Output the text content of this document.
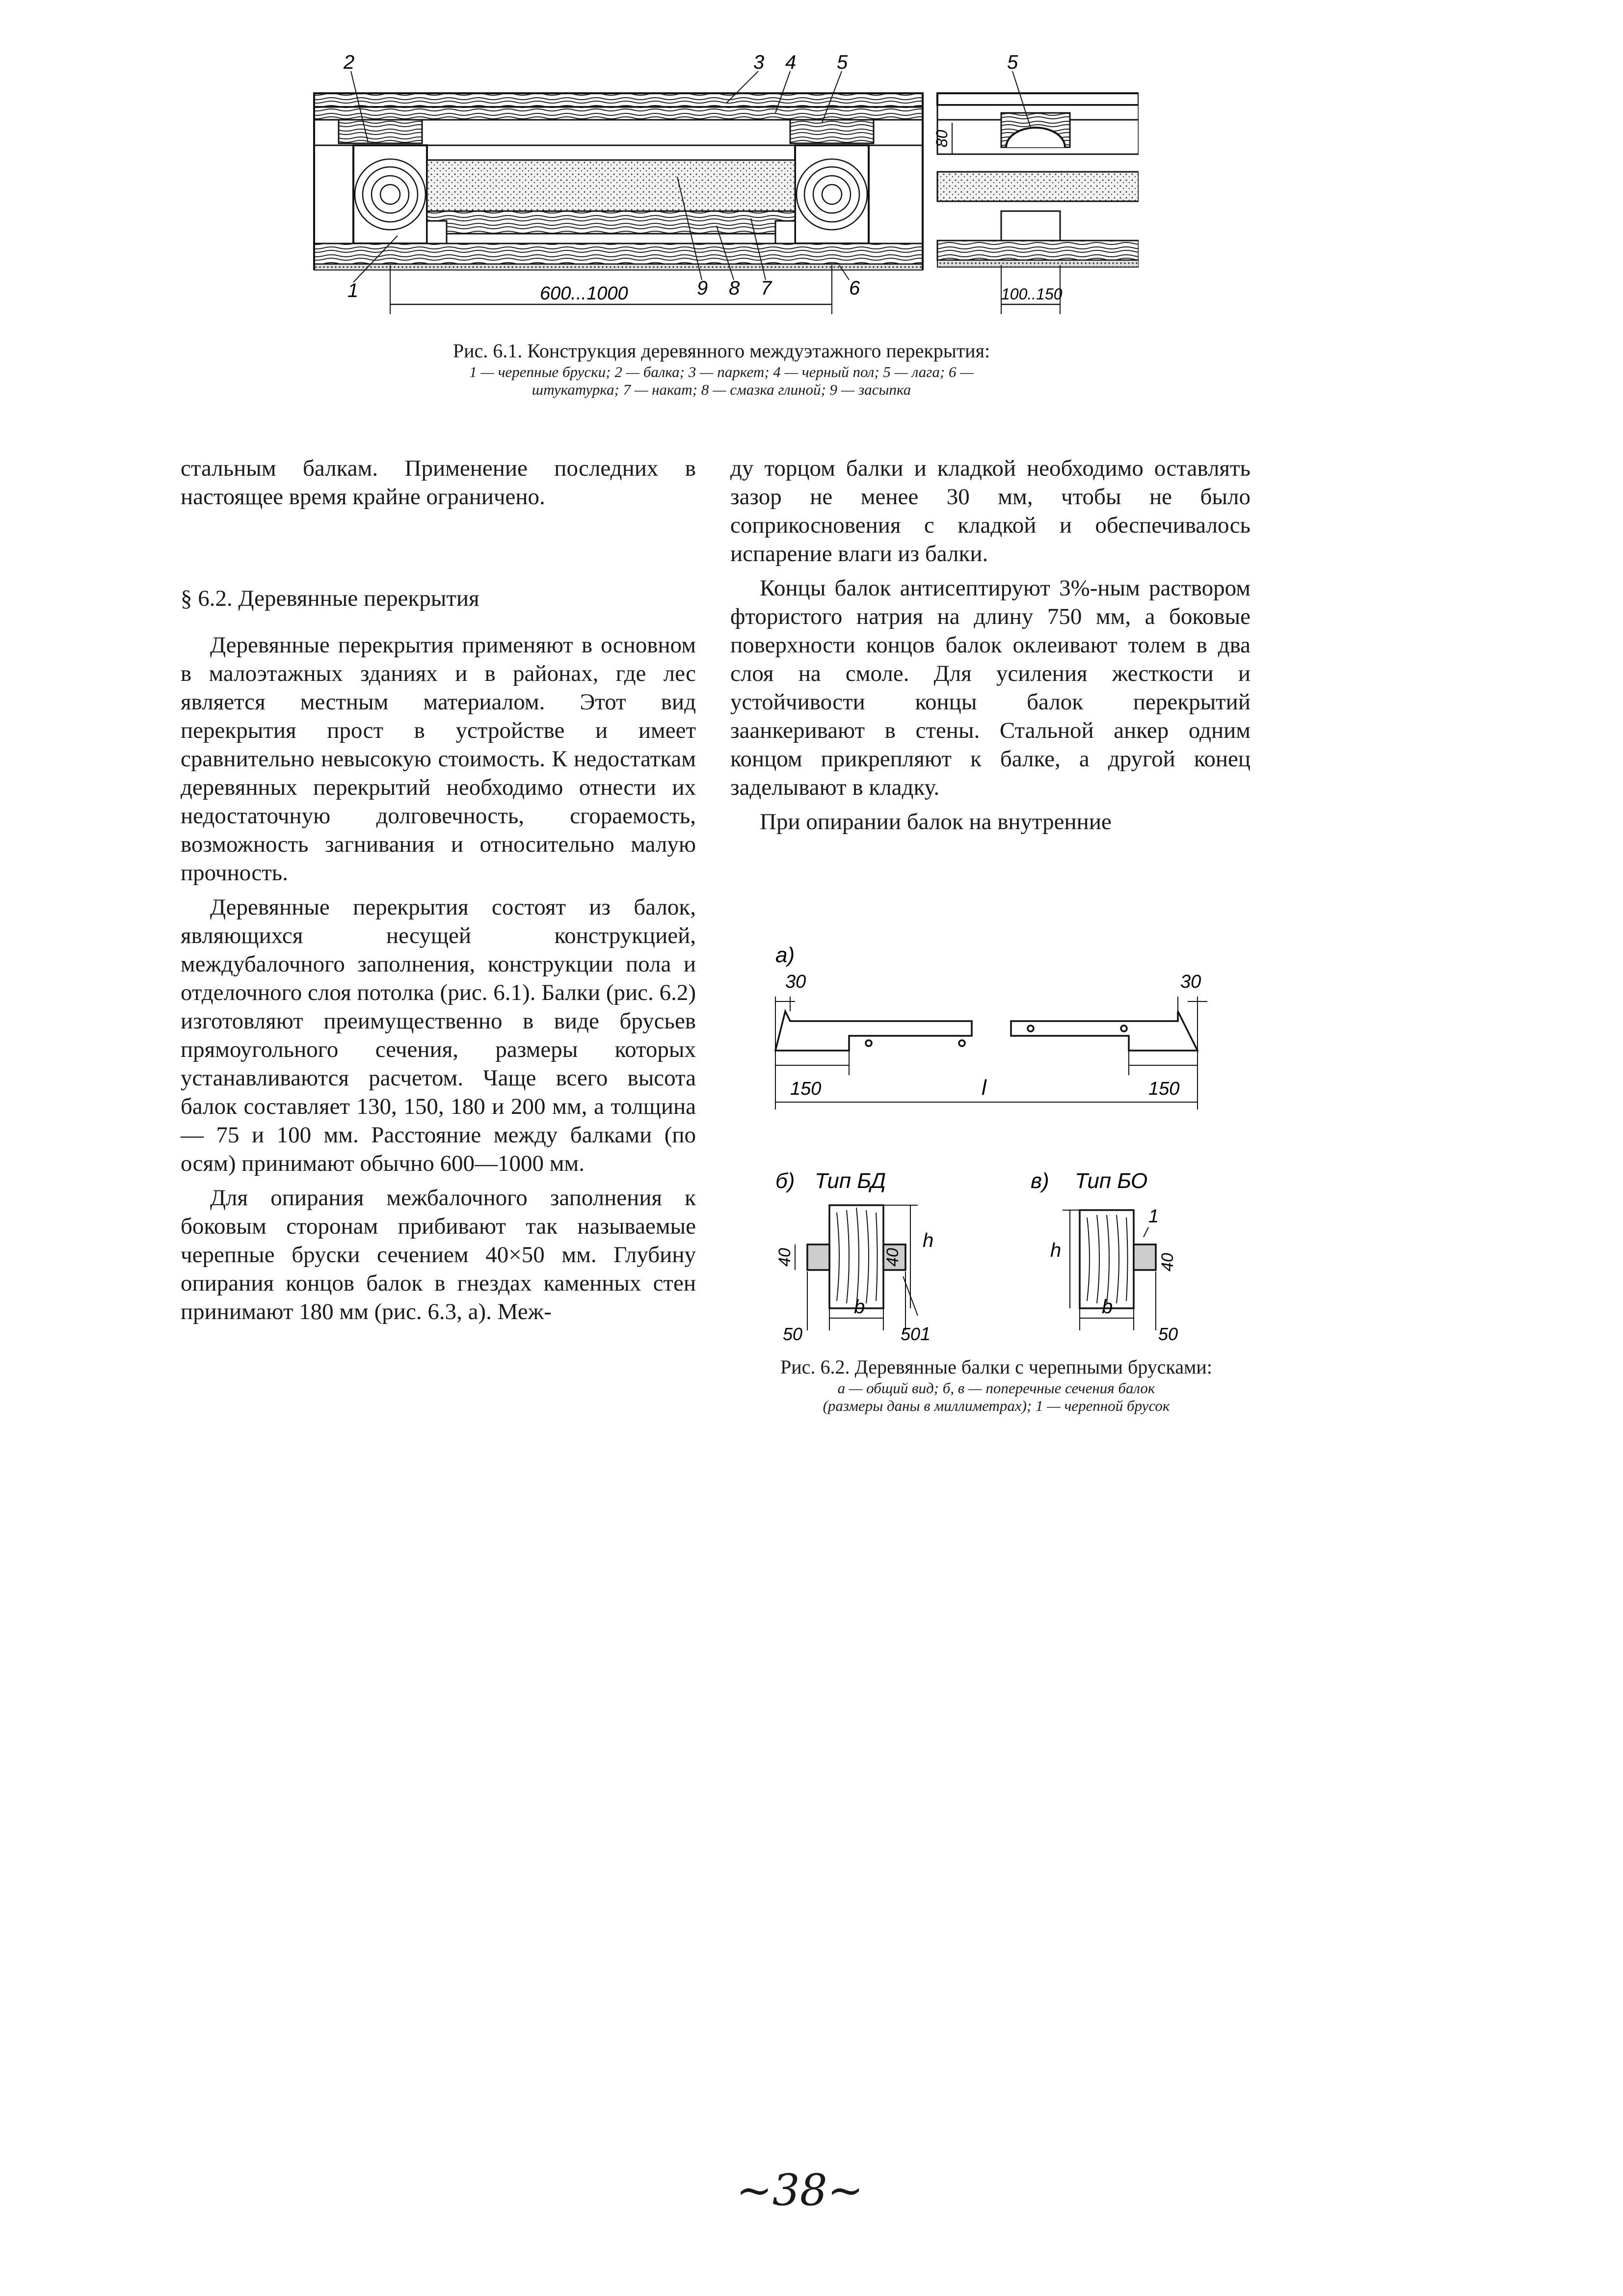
2	3 4 5	5
1	9 8 7	6
600...1000
80
100..150
Рис. 6.1. Конструкция деревянного междуэтажного перекрытия:
1 — черепные бруски; 2 — балка; 3 — паркет; 4 — черный пол; 5 — лага; 6 —
штукатурка; 7 — накат; 8 — смазка глиной; 9 — засыпка

стальным балкам. Применение последних в настоящее время крайне ограничено.

§ 6.2. Деревянные перекрытия

Деревянные перекрытия применяют в основном в малоэтажных зданиях и в районах, где лес является местным материалом. Этот вид перекрытия прост в устройстве и имеет сравнительно невысокую стоимость. К недостаткам деревянных перекрытий необходимо отнести их недостаточную долговечность, сгораемость, возможность загнивания и относительно малую прочность.

Деревянные перекрытия состоят из балок, являющихся несущей конструкцией, междубалочного заполнения, конструкции пола и отделочного слоя потолка (рис. 6.1). Балки (рис. 6.2) изготовляют преимущественно в виде брусьев прямоугольного сечения, размеры которых устанавливаются расчетом. Чаще всего высота балок составляет 130, 150, 180 и 200 мм, а толщина — 75 и 100 мм. Расстояние между балками (по осям) принимают обычно 600—1000 мм.

Для опирания межбалочного заполнения к боковым сторонам прибивают так называемые черепные бруски сечением 40×50 мм. Глубину опирания концов балок в гнездах каменных стен принимают 180 мм (рис. 6.3, а). Меж-

ду торцом балки и кладкой необходимо оставлять зазор не менее 30 мм, чтобы не было соприкосновения с кладкой и обеспечивалось испарение влаги из балки.

Концы балок антисептируют 3%-ным раствором фтористого натрия на длину 750 мм, а боковые поверхности концов балок оклеивают толем в два слоя на смоле. Для усиления жесткости и устойчивости концы балок перекрытий заанкеривают в стены. Стальной анкер одним концом прикрепляют к балке, а другой конец заделывают в кладку.

При опирании балок на внутренние

а)
30	30
150	150
l
б) Тип БД
40	40
h
b
50	50 1
в) Тип БО
h
40
b
50
1
Рис. 6.2. Деревянные балки с черепными брусками:
а — общий вид; б, в — поперечные сечения балок
(размеры даны в миллиметрах); 1 — черепной брусок
~38~
